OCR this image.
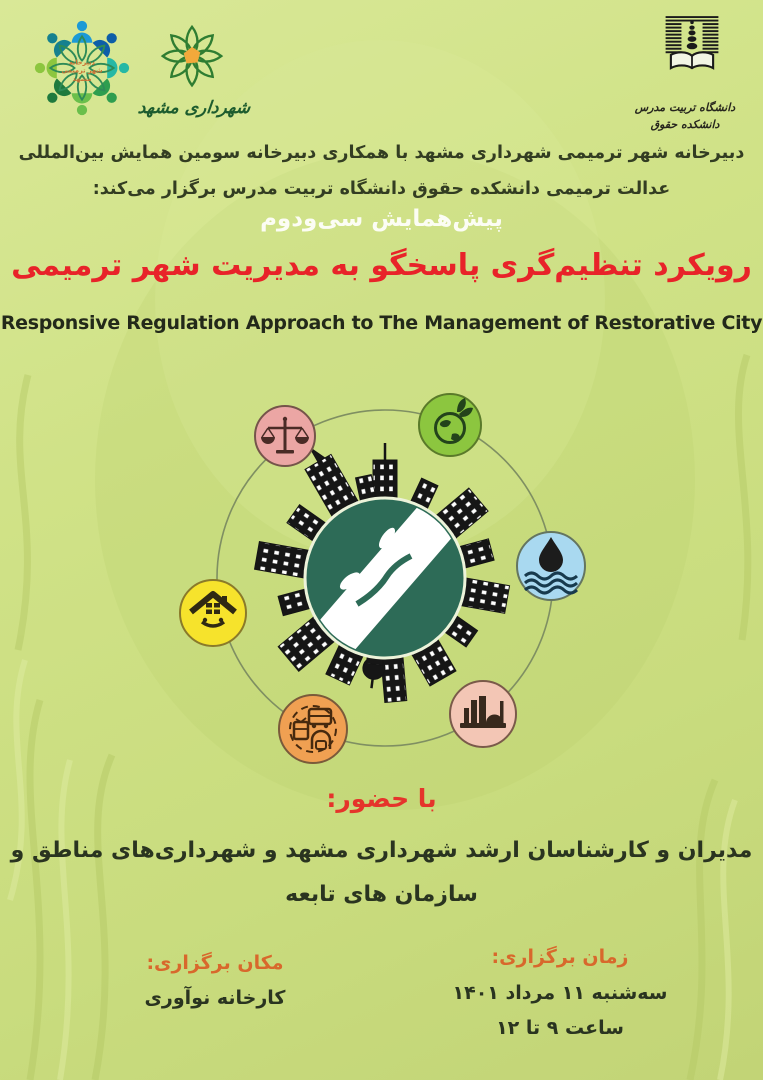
دبیرخانه
شهر ترمیمی
مشهد
شهرداری مشهد	دانشگاه تربیت مدرس
دانشکده حقوق
دبیرخانه شهر ترمیمی شهرداری مشهد با همکاری دبیرخانه سومین همایش بین‌المللی
عدالت ترمیمی دانشکده حقوق دانشگاه تربیت مدرس برگزار می‌کند:
پیش‌همایش سی‌ودوم
رویکرد تنظیم‌گری پاسخگو به مدیریت شهر ترمیمی
Responsive Regulation Approach to The Management of Restorative City
با حضور:
مدیران و کارشناسان ارشد شهرداری مشهد و شهرداری‌های مناطق و
سازمان های تابعه
زمان برگزاری:
سه‌شنبه ۱۱ مرداد ۱۴۰۱
ساعت ۹ تا ۱۲
مکان برگزاری:
کارخانه نوآوری
